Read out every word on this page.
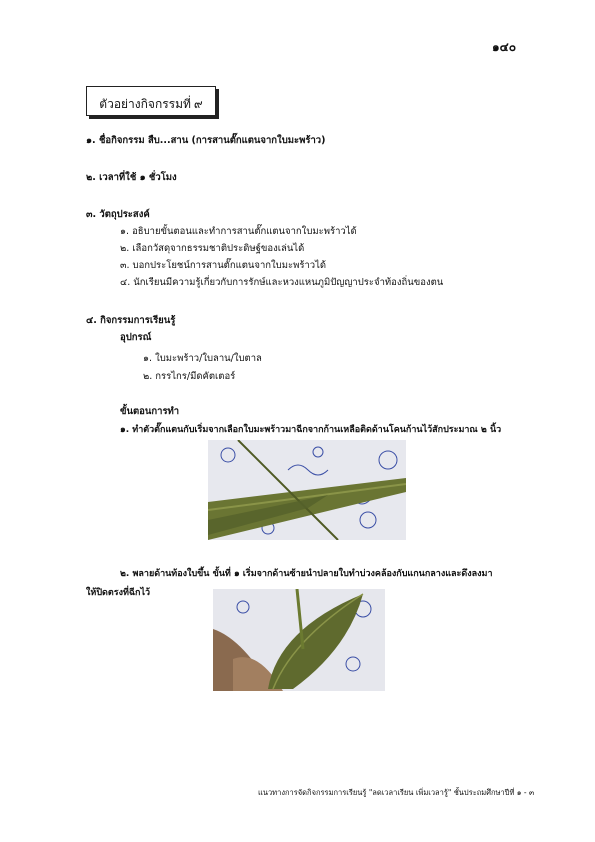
๑๔๐
ตัวอย่างกิจกรรมที่ ๙
๑. ชื่อกิจกรรม สืบ...สาน (การสานตั๊กแตนจากใบมะพร้าว)
๒. เวลาที่ใช้ ๑ ชั่วโมง
๓. วัตถุประสงค์
๑. อธิบายขั้นตอนและทำการสานตั๊กแตนจากใบมะพร้าวได้
๒. เลือกวัสดุจากธรรมชาติประดิษฐ์ของเล่นได้
๓. บอกประโยชน์การสานตั๊กแตนจากใบมะพร้าวได้
๔. นักเรียนมีความรู้เกี่ยวกับการรักษ์และหวงแหนภูมิปัญญาประจำท้องถิ่นของตน
๔. กิจกรรมการเรียนรู้
อุปกรณ์
๑. ใบมะพร้าว/ใบลาน/ใบตาล
๒. กรรไกร/มีดคัตเตอร์
ขั้นตอนการทำ
๑. ทำตัวตั๊กแตนกับเริ่มจากเลือกใบมะพร้าวมาฉีกจากก้านเหลือติดด้านโคนก้านไว้สักประมาณ ๒ นิ้ว
๒. พลายด้านท้องใบขึ้น ขั้นที่ ๑ เริ่มจากด้านซ้ายนำปลายใบทำบ่วงคล้องกับแกนกลางและดึงลงมา
ให้ปิดตรงที่ฉีกไว้
แนวทางการจัดกิจกรรมการเรียนรู้ "ลดเวลาเรียน เพิ่มเวลารู้" ชั้นประถมศึกษาปีที่ ๑ - ๓
